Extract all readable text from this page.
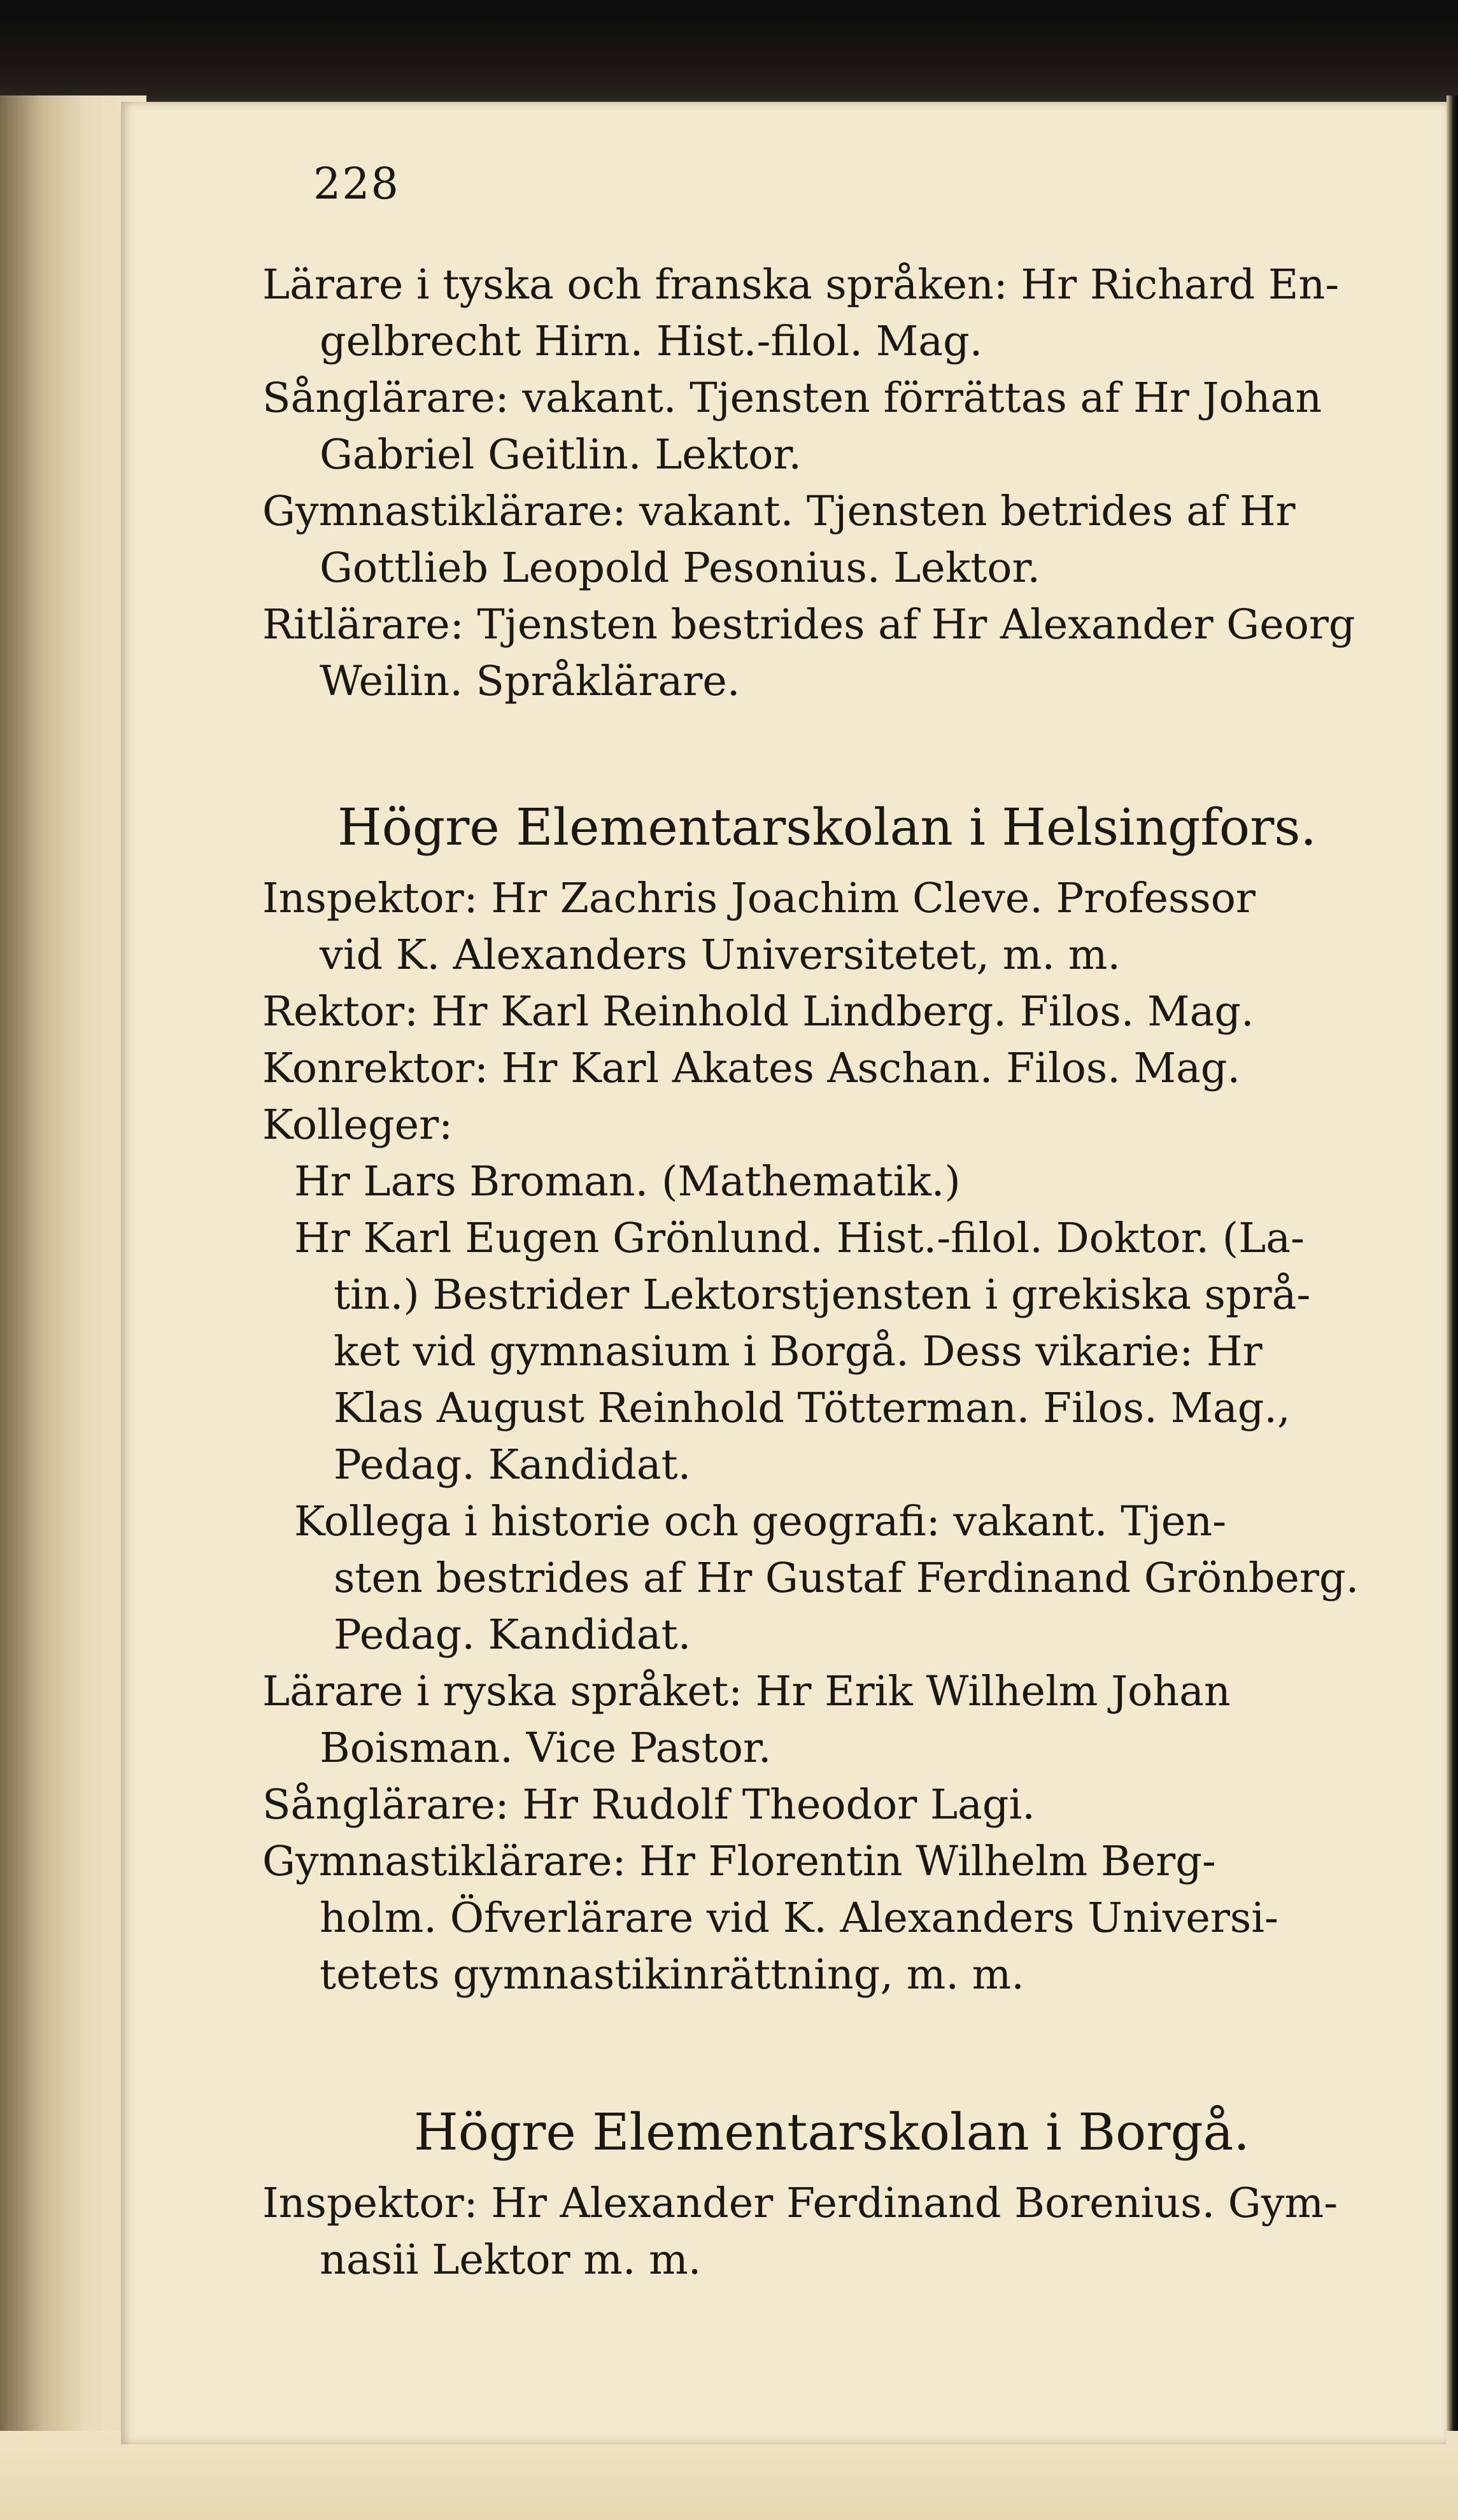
228
Lärare i tyska och franska språken: Hr Richard En-
gelbrecht Hirn. Hist.-filol. Mag.
Sånglärare: vakant. Tjensten förrättas af Hr Johan
Gabriel Geitlin. Lektor.
Gymnastiklärare: vakant. Tjensten betrides af Hr
Gottlieb Leopold Pesonius. Lektor.
Ritlärare: Tjensten bestrides af Hr Alexander Georg
Weilin. Språklärare.
Högre Elementarskolan i Helsingfors.
Inspektor: Hr Zachris Joachim Cleve. Professor
vid K. Alexanders Universitetet, m. m.
Rektor: Hr Karl Reinhold Lindberg. Filos. Mag.
Konrektor: Hr Karl Akates Aschan. Filos. Mag.
Kolleger:
Hr Lars Broman. (Mathematik.)
Hr Karl Eugen Grönlund. Hist.-filol. Doktor. (La-
tin.) Bestrider Lektorstjensten i grekiska språ-
ket vid gymnasium i Borgå. Dess vikarie: Hr
Klas August Reinhold Tötterman. Filos. Mag.,
Pedag. Kandidat.
Kollega i historie och geografi: vakant. Tjen-
sten bestrides af Hr Gustaf Ferdinand Grönberg.
Pedag. Kandidat.
Lärare i ryska språket: Hr Erik Wilhelm Johan
Boisman. Vice Pastor.
Sånglärare: Hr Rudolf Theodor Lagi.
Gymnastiklärare: Hr Florentin Wilhelm Berg-
holm. Öfverlärare vid K. Alexanders Universi-
tetets gymnastikinrättning, m. m.
Högre Elementarskolan i Borgå.
Inspektor: Hr Alexander Ferdinand Borenius. Gym-
nasii Lektor m. m.
